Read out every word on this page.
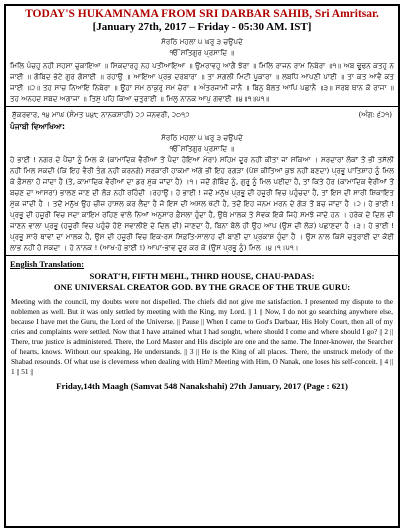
TODAY'S HUKAMNAMA FROM SRI DARBAR SAHIB, Sri Amritsar.
[January 27th, 2017 – Friday - 05:30 AM. IST]
ਸੋਰਠਿ ਮਹਲਾ ੫ ਘਰੁ ੩ ਚਉਪਦੇ
ੴ ਸਤਿਗੁਰ ਪ੍ਰਸਾਦਿ ॥
ਮਿਲਿ ਪੰਚਹੁ ਨਹੀ ਸਹਸਾ ਚੁਕਾਇਆ ॥ ਸਿਕਦਾਰਹੁ ਨਹ ਪਤੀਆਇਆ ॥ ਉਮਰਾਵਹੁ ਆਗੈ ਝੇਰਾ ॥ ਮਿਲਿ ਰਾਜਨ ਰਾਮ ਨਿਬੇਰਾ ॥੧॥ ਅਬ ਢੂਢਨ ਕਤਹੁ ਨ ਜਾਈ ॥ ਗੋਬਿਦ ਭੇਟੇ ਗੁਰ ਗੋਸਾਈ ॥ ਰਹਾਉ ॥ ਆਇਆ ਪ੍ਰਭ ਦਰਬਾਰਾ ॥ ਤਾ ਸਗਲੀ ਮਿਟੀ ਪੂਕਾਰਾ ॥ ਲਬਧਿ ਆਪਣੀ ਪਾਈ ॥ ਤਾ ਕਤ ਆਵੈ ਕਤ ਜਾਈ ॥੨॥ ਤਹ ਸਾਚ ਨਿਆਇ ਨਿਬੇਰਾ ॥ ਊਹਾ ਸਮ ਠਾਕੁਰੁ ਸਮ ਚੇਰਾ ॥ ਅੰਤਰਜਾਮੀ ਜਾਨੈ ॥ ਬਿਨੁ ਬੋਲਤ ਆਪਿ ਪਛਾਨੈ ॥੩॥ ਸਰਬ ਥਾਨ ਕੋ ਰਾਜਾ ॥ ਤਹ ਅਨਹਦ ਸਬਦ ਅਗਾਜਾ ॥ ਤਿਸੁ ਪਹਿ ਕਿਆ ਚਤੁਰਾਈ ॥ ਮਿਲੁ ਨਾਨਕ ਆਪੁ ਗਵਾਈ ॥੪॥੧॥੫੧॥
ਸ਼ੁੱਕਰਵਾਰ, ੧੪ ਮਾਘ (ਸੰਮਤ ੫੪੮ ਨਾਨਕਸ਼ਾਹੀ) ੨੭ ਜਨਵਰੀ, ੨੦੧੭	(ਅੰਗ: ੬੨੧)
ਪੰਜਾਬੀ ਵਿਆਖਿਆ:
ਸੋਰਠਿ ਮਹਲਾ ੫ ਘਰੁ ੩ ਚਉਪਦੇ
ੴ ਸਤਿਗੁਰ ਪ੍ਰਸਾਦਿ ॥
ਹੇ ਭਾਈ ! ਨਗਰ ਦੇ ਪੈਂਚਾਂ ਨੂੰ ਮਿਲ ਕੇ (ਕਾਮਾਦਿਕ ਵੈਰੀਆਂ ਤੋਂ ਪੈਦਾ ਹੋਇਆ ਮੇਰਾ) ਸਹਿਮ ਦੂਰ ਨਹੀਂ ਕੀਤਾ ਜਾ ਸਕਿਆ । ਸਰਦਾਰਾਂ ਲੋਕਾਂ ਤੋਂ ਭੀ ਤਸੱਲੀ ਨਹੀਂ ਮਿਲ ਸਕਦੀ (ਕਿ ਇਹ ਵੈਰੀ ਤੰਗ ਨਹੀਂ ਕਰਨਗੇ) ਸਰਕਾਰੀ ਹਾਕਮਾਂ ਅੱਗੇ ਭੀ ਇਹ ਰਗੜਾ (ਪੇਸ਼ ਕੀਤਿਆਂ ਕੁਝ ਨਹੀਂ ਬਣਦਾ) ਪ੍ਰਭੂ ਪਾਤਿਸ਼ਾਹ ਨੂੰ ਮਿਲ ਕੇ ਫ਼ੈਸਲਾ ਹੋ ਜਾਂਦਾ ਹੈ (ਤੇ, ਕਾਮਾਦਿਕ ਵੈਰੀਆਂ ਦਾ ਡਰ ਮੁੱਕ ਜਾਂਦਾ ਹੈ) ।੧। ਜਦੋਂ ਗੋਬਿੰਦ ਨੂੰ, ਗੁਰੂ ਨੂੰ ਮਿਲ ਪਈਦਾ ਹੈ, ਤਾਂ ਕਿਤੇ ਹੋਰ (ਕਾਮਾਦਿਕ ਵੈਰੀਆਂ ਤੋਂ ਬਚਣ ਦਾ ਆਸਰਾ) ਭਾਲਣ ਜਾਣ ਦੀ ਲੋੜ ਨਹੀਂ ਰਹਿੰਦੀ ।ਰਹਾਉ। ਹੇ ਭਾਈ ! ਜਦੋਂ ਮਨੁੱਖ ਪ੍ਰਭੂ ਦੀ ਹਜ਼ੂਰੀ ਵਿਚ ਪਹੁੰਚਦਾ ਹੈ, ਤਾਂ ਇਸ ਦੀ ਸਾਰੀ ਸ਼ਿਕਾਇਤ ਮੁੱਕ ਜਾਂਦੀ ਹੈ । ਤਦੋਂ ਮਨੁੱਖ ਉਹ ਚੀਜ਼ ਹਾਸਲ ਕਰ ਲੈਂਦਾ ਹੈ ਜੋ ਇਸ ਦੀ ਅਸਲ ਖੱਟੀ ਹੈ, ਤਦੋਂ ਇਹ ਜਨਮ ਮਰਨ ਦੇ ਗੇੜ ਤੋਂ ਬਚ ਜਾਂਦਾ ਹੈ ।੨। ਹੇ ਭਾਈ ! ਪ੍ਰਭੂ ਦੀ ਹਜ਼ੂਰੀ ਵਿਚ ਸਦਾ ਕਾਇਮ ਰਹਿਣ ਵਾਲੇ ਨਿਆਂ ਅਨੁਸਾਰ ਫ਼ੈਸਲਾ ਹੁੰਦਾ ਹੈ, ਉਥੇ ਮਾਲਕ ਤੇ ਸੇਵਕ ਇਕੋ ਜਿਹੇ ਸਮਝੇ ਜਾਂਦੇ ਹਨ । ਹਰੇਕ ਦੇ ਦਿਲ ਦੀ ਜਾਣਨ ਵਾਲਾ ਪ੍ਰਭੂ (ਹਜ਼ੂਰੀ ਵਿਚ ਪਹੁੰਚੇ ਹੋਏ ਸਵਾਲੀਏ ਦੇ ਦਿਲ ਦੀ) ਜਾਣਦਾ ਹੈ, ਬਿਨਾ ਬੋਲੇ ਹੀ ਉਹ ਆਪ (ਉਸ ਦੀ ਲੋੜ) ਪਛਾਣਦਾ ਹੈ ।੩। ਹੇ ਭਾਈ ! ਪ੍ਰਭੂ ਸਾਰੇ ਥਾਵਾਂ ਦਾ ਮਾਲਕ ਹੈ, ਉਸ ਦੀ ਹਜ਼ੂਰੀ ਵਿਚ ਇਕ-ਰਸ ਸਿਫ਼ਤਿ-ਸਾਲਾਹ ਦੀ ਬਾਣੀ ਦਾ ਪ੍ਰਕਾਸ਼ ਹੁੰਦਾ ਹੈ । ਉਸ ਨਾਲ ਕਿਸੇ ਚਤੁਰਾਈ ਦਾ ਕੋਈ ਲਾਭ ਨਹੀਂ ਹੋ ਸਕਦਾ । ਹੇ ਨਾਨਕ ! (ਆਖ-ਹੇ ਭਾਈ !) ਆਪਾ-ਭਾਵ ਦੂਰ ਕਰ ਕੇ (ਉਸ ਪ੍ਰਭੂ ਨੂੰ) ਮਿਲ ।੪।੧।੫੧।
English Translation:
SORAT'H, FIFTH MEHL, THIRD HOUSE, CHAU-PADAS:
ONE UNIVERSAL CREATOR GOD. BY THE GRACE OF THE TRUE GURU:
Meeting with the council, my doubts were not dispelled. The chiefs did not give me satisfaction. I presented my dispute to the noblemen as well. But it was only settled by meeting with the King, my Lord. || 1 || Now, I do not go searching anywhere else, because I have met the Guru, the Lord of the Universe. || Pause || When I came to God's Darbaar, His Holy Court, then all of my cries and complaints were settled. Now that I have attained what I had sought, where should I come and where should I go? || 2 || There, true justice is administered. There, the Lord Master and His disciple are one and the same. The Inner-knower, the Searcher of hearts, knows. Without our speaking, He understands. || 3 || He is the King of all places. There, the unstruck melody of the Shabad resounds. Of what use is cleverness when dealing with Him? Meeting with Him, O Nanak, one loses his self-conceit. || 4 || 1 || 51 ||
Friday,14th Maagh (Samvat 548 Nanakshahi) 27th January, 2017 (Page : 621)
